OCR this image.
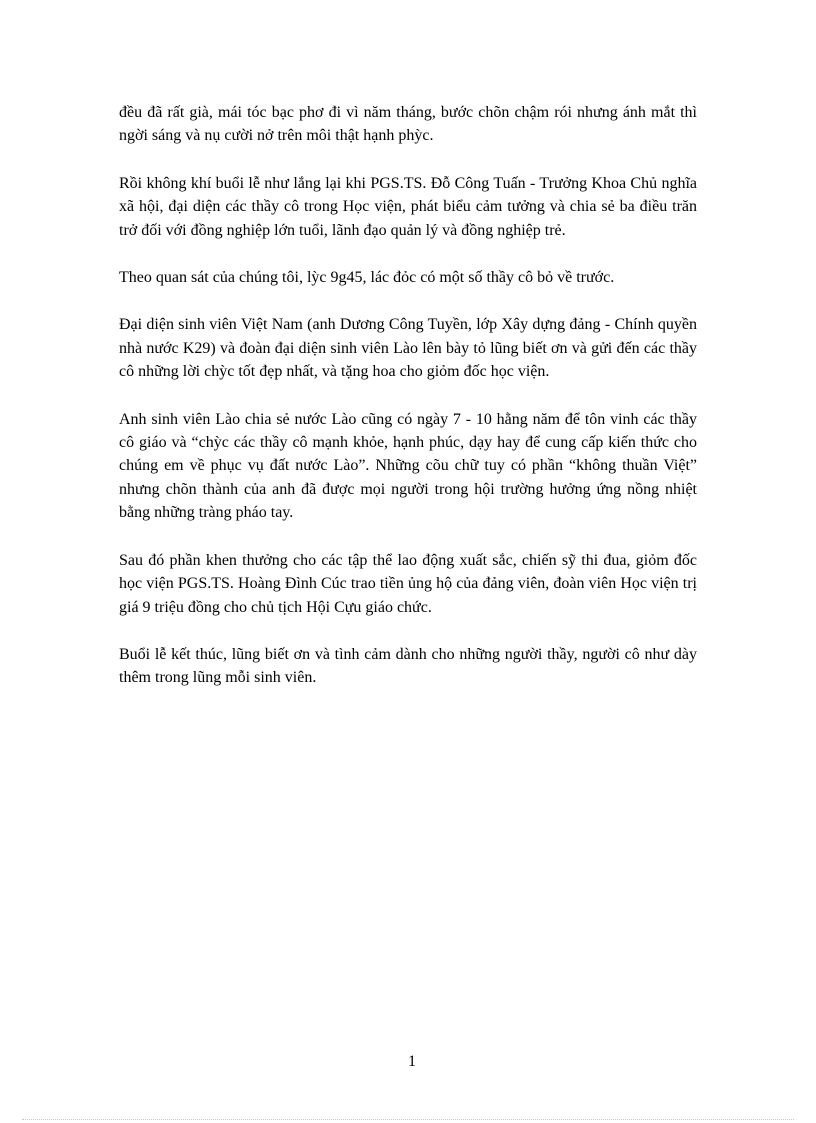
đều đã rất già, mái tóc bạc phơ đi vì năm tháng, bước chõn chậm rói nhưng ánh mắt thì ngời sáng và nụ cười nở trên môi thật hạnh phỳc.

Rồi không khí buổi lễ như lắng lại khi PGS.TS. Đỗ Công Tuấn - Trưởng Khoa Chủ nghĩa xã hội, đại diện các thầy cô trong Học viện, phát biểu cảm tưởng và chia sẻ ba điều trăn trở đối với đồng nghiệp lớn tuổi, lãnh đạo quản lý và đồng nghiệp trẻ.

Theo quan sát của chúng tôi, lỳc 9g45, lác đỏc có một số thầy cô bỏ về trước.

Đại diện sinh viên Việt Nam (anh Dương Công Tuyền, lớp Xây dựng đảng - Chính quyền nhà nước K29) và đoàn đại diện sinh viên Lào lên bày tỏ lũng biết ơn và gửi đến các thầy cô những lời chỳc tốt đẹp nhất, và tặng hoa cho giỏm đốc học viện.

Anh sinh viên Lào chia sẻ nước Lào cũng có ngày 7 - 10 hằng năm để tôn vinh các thầy cô giáo và “chỳc các thầy cô mạnh khỏe, hạnh phúc, dạy hay để cung cấp kiến thức cho chúng em về phục vụ đất nước Lào”. Những cõu chữ tuy có phần “không thuần Việt” nhưng chõn thành của anh đã được mọi người trong hội trường hưởng ứng nồng nhiệt bằng những tràng pháo tay.

Sau đó phần khen thưởng cho các tập thể lao động xuất sắc, chiến sỹ thi đua, giỏm đốc học viện PGS.TS. Hoàng Đình Cúc trao tiền ủng hộ của đảng viên, đoàn viên Học viện trị giá 9 triệu đồng cho chủ tịch Hội Cựu giáo chức.

Buổi lễ kết thúc, lũng biết ơn và tình cảm dành cho những người thầy, người cô như dày thêm trong lũng mỗi sinh viên.

1
